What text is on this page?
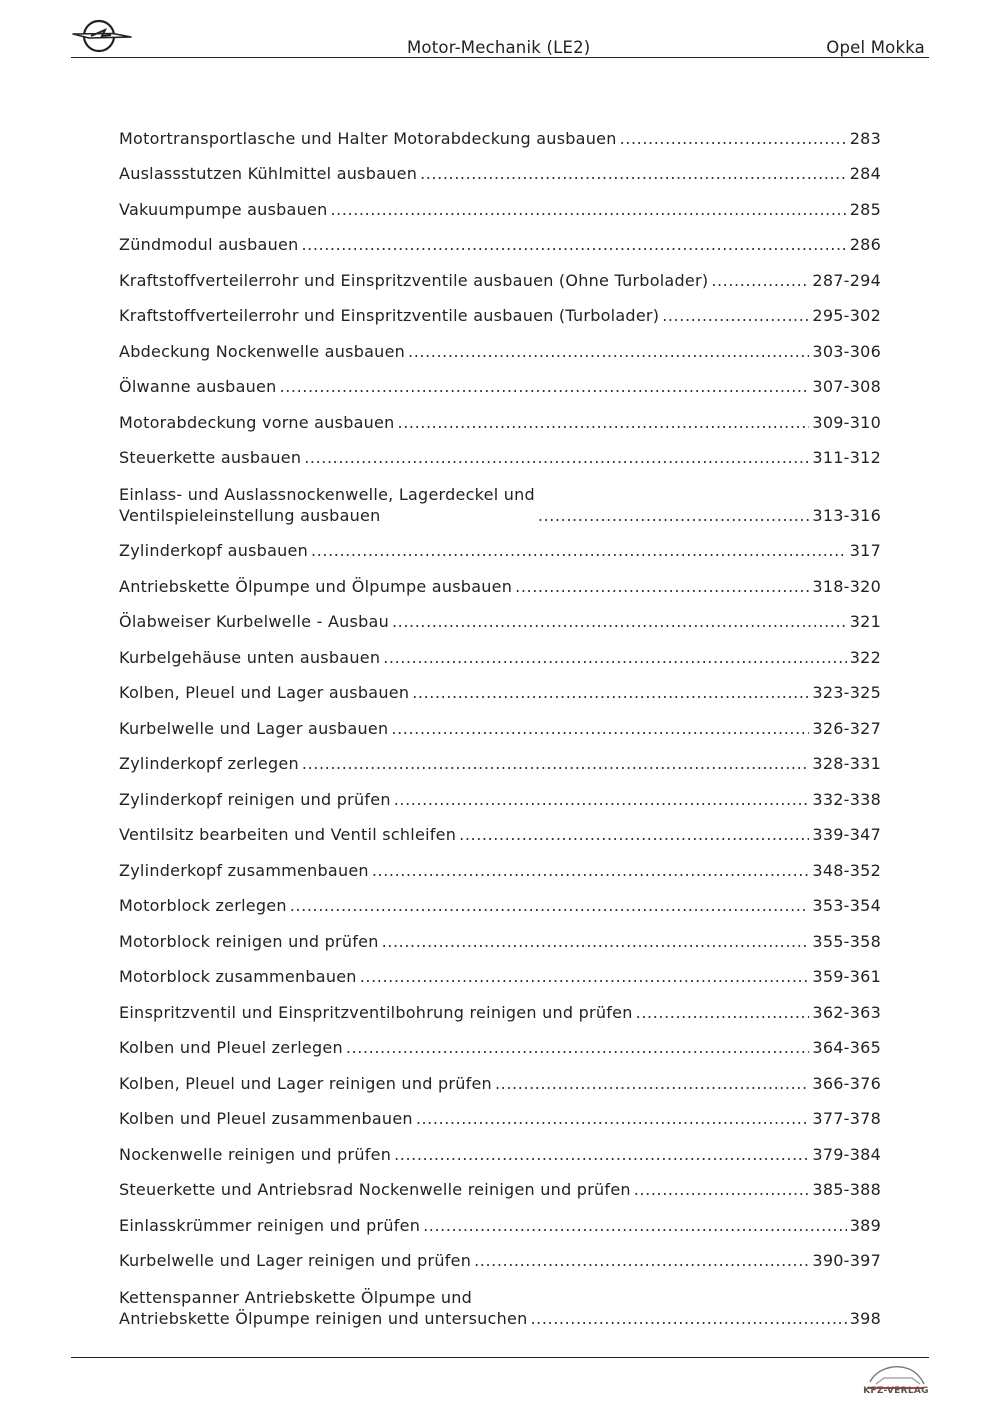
Motor-Mechanik (LE2)	Opel Mokka
Motortransportlasche und Halter Motorabdeckung ausbauen .....	283
Auslassstutzen Kühlmittel ausbauen .....	284
Vakuumpumpe ausbauen .....	285
Zündmodul ausbauen .....	286
Kraftstoffverteilerrohr und Einspritzventile ausbauen (Ohne Turbolader) .....	287-294
Kraftstoffverteilerrohr und Einspritzventile ausbauen (Turbolader) .....	295-302
Abdeckung Nockenwelle ausbauen .....	303-306
Ölwanne ausbauen .....	307-308
Motorabdeckung vorne ausbauen .....	309-310
Steuerkette ausbauen .....	311-312
Einlass- und Auslassnockenwelle, Lagerdeckel und
Ventilspieleinstellung ausbauen .....	313-316
Zylinderkopf ausbauen .....	317
Antriebskette Ölpumpe und Ölpumpe ausbauen .....	318-320
Ölabweiser Kurbelwelle - Ausbau .....	321
Kurbelgehäuse unten ausbauen .....	322
Kolben, Pleuel und Lager ausbauen .....	323-325
Kurbelwelle und Lager ausbauen .....	326-327
Zylinderkopf zerlegen .....	328-331
Zylinderkopf reinigen und prüfen .....	332-338
Ventilsitz bearbeiten und Ventil schleifen .....	339-347
Zylinderkopf zusammenbauen .....	348-352
Motorblock zerlegen .....	353-354
Motorblock reinigen und prüfen .....	355-358
Motorblock zusammenbauen .....	359-361
Einspritzventil und Einspritzventilbohrung reinigen und prüfen .....	362-363
Kolben und Pleuel zerlegen .....	364-365
Kolben, Pleuel und Lager reinigen und prüfen .....	366-376
Kolben und Pleuel zusammenbauen .....	377-378
Nockenwelle reinigen und prüfen .....	379-384
Steuerkette und Antriebsrad Nockenwelle reinigen und prüfen .....	385-388
Einlasskrümmer reinigen und prüfen .....	389
Kurbelwelle und Lager reinigen und prüfen .....	390-397
Kettenspanner Antriebskette Ölpumpe und
Antriebskette Ölpumpe reinigen und untersuchen .....	398
KFZ-VERLAG
